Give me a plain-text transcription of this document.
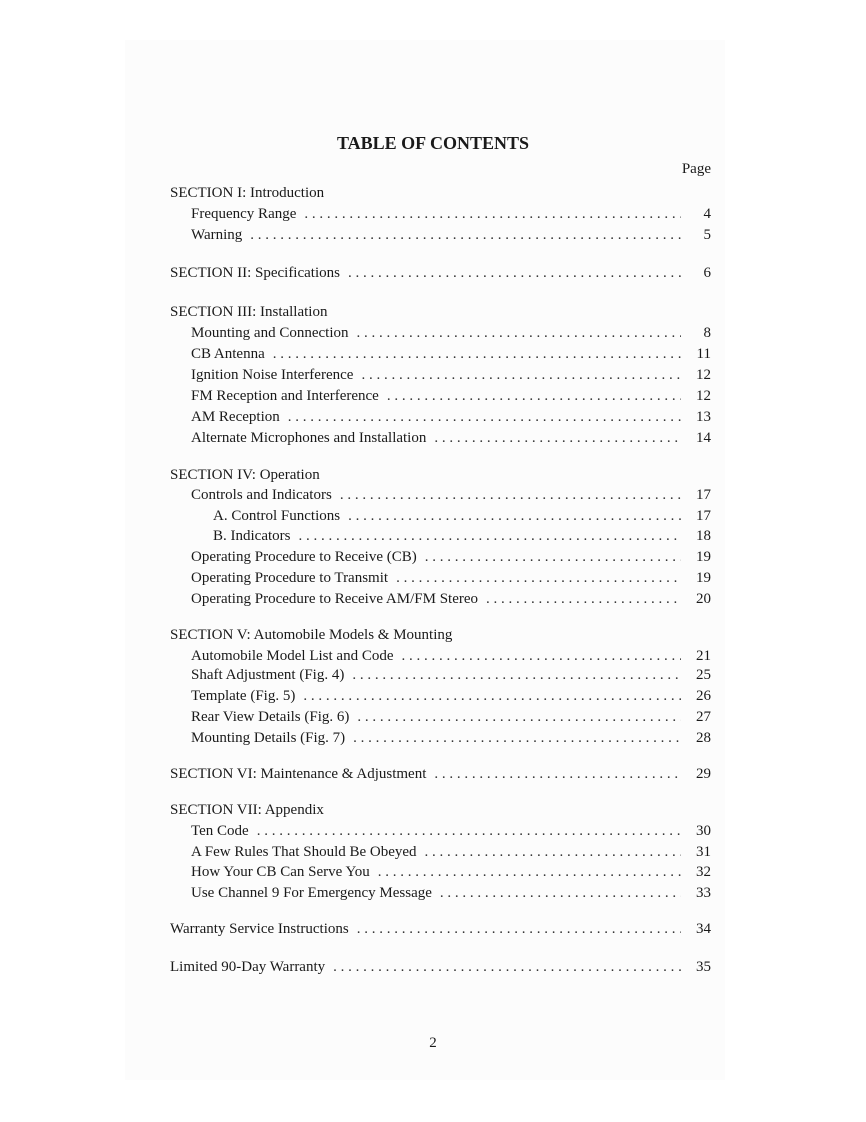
TABLE OF CONTENTS
Page
SECTION I: Introduction
Frequency Range . . .	4
Warning . . .	5
SECTION II: Specifications . . .	6
SECTION III: Installation
Mounting and Connection . . .	8
CB Antenna . . .	11
Ignition Noise Interference . . .	12
FM Reception and Interference . . .	12
AM Reception . . .	13
Alternate Microphones and Installation . . .	14
SECTION IV: Operation
Controls and Indicators . . .	17
A. Control Functions . . .	17
B. Indicators . . .	18
Operating Procedure to Receive (CB) . . .	19
Operating Procedure to Transmit . . .	19
Operating Procedure to Receive AM/FM Stereo . . .	20
SECTION V: Automobile Models & Mounting
Automobile Model List and Code . . .	21
Shaft Adjustment (Fig. 4) . . .	25
Template (Fig. 5) . . .	26
Rear View Details (Fig. 6) . . .	27
Mounting Details (Fig. 7) . . .	28
SECTION VI: Maintenance & Adjustment . . .	29
SECTION VII: Appendix
Ten Code . . .	30
A Few Rules That Should Be Obeyed . . .	31
How Your CB Can Serve You . . .	32
Use Channel 9 For Emergency Message . . .	33
Warranty Service Instructions . . .	34
Limited 90-Day Warranty . . .	35
2
